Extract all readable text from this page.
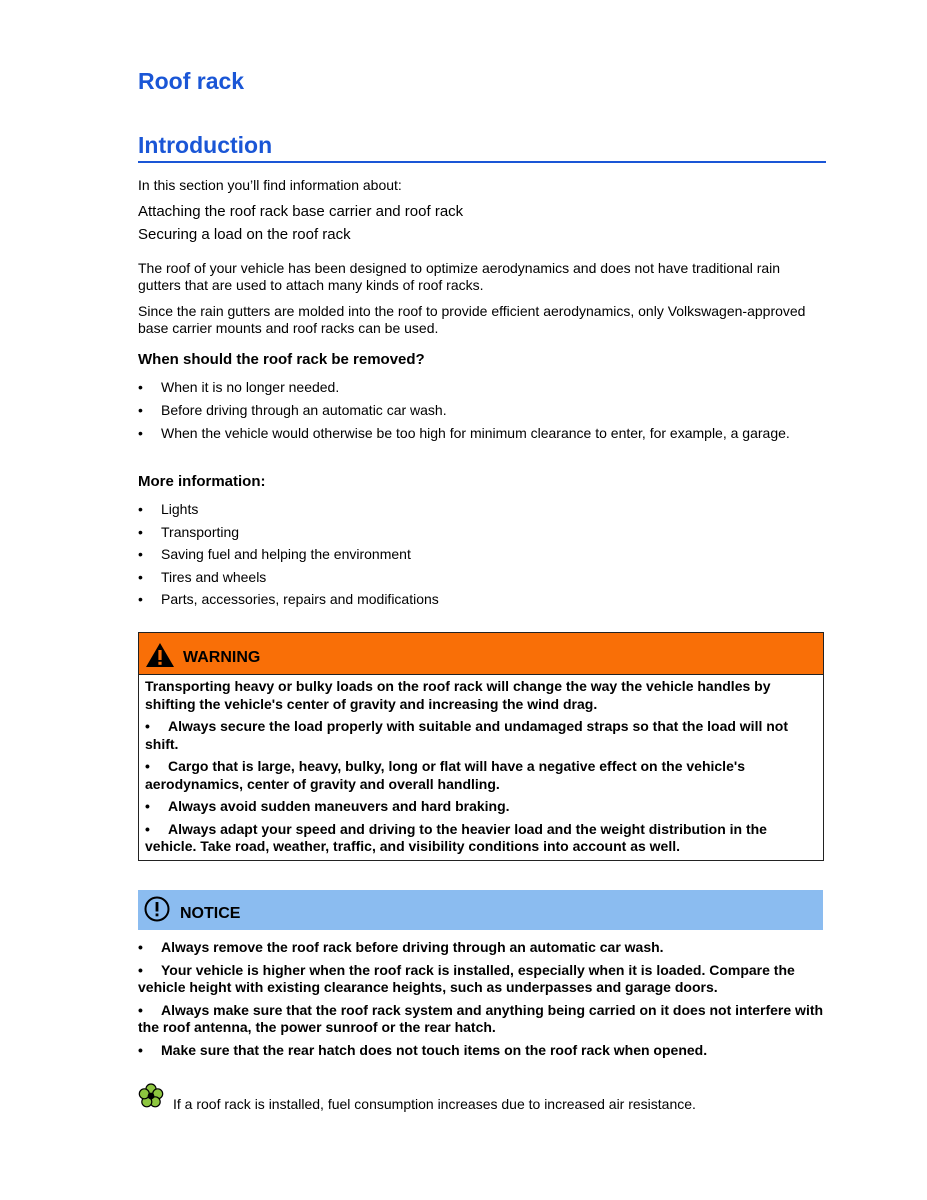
Roof rack
Introduction

In this section you’ll find information about:

Attaching the roof rack base carrier and roof rack
Securing a load on the roof rack

The roof of your vehicle has been designed to optimize aerodynamics and does not have traditional rain gutters that are used to attach many kinds of roof racks.

Since the rain gutters are molded into the roof to provide efficient aerodynamics, only Volkswagen-approved base carrier mounts and roof racks can be used.

When should the roof rack be removed?
• When it is no longer needed.
• Before driving through an automatic car wash.
• When the vehicle would otherwise be too high for minimum clearance to enter, for example, a garage.
More information:
• Lights
• Transporting
• Saving fuel and helping the environment
• Tires and wheels
• Parts, accessories, repairs and modifications
WARNING

Transporting heavy or bulky loads on the roof rack will change the way the vehicle handles by shifting the vehicle's center of gravity and increasing the wind drag.

• Always secure the load properly with suitable and undamaged straps so that the load will not shift.

• Cargo that is large, heavy, bulky, long or flat will have a negative effect on the vehicle's aerodynamics, center of gravity and overall handling.

• Always avoid sudden maneuvers and hard braking.

• Always adapt your speed and driving to the heavier load and the weight distribution in the vehicle. Take road, weather, traffic, and visibility conditions into account as well.

NOTICE

• Always remove the roof rack before driving through an automatic car wash.

• Your vehicle is higher when the roof rack is installed, especially when it is loaded. Compare the vehicle height with existing clearance heights, such as underpasses and garage doors.

• Always make sure that the roof rack system and anything being carried on it does not interfere with the roof antenna, the power sunroof or the rear hatch.

• Make sure that the rear hatch does not touch items on the roof rack when opened.

If a roof rack is installed, fuel consumption increases due to increased air resistance.
